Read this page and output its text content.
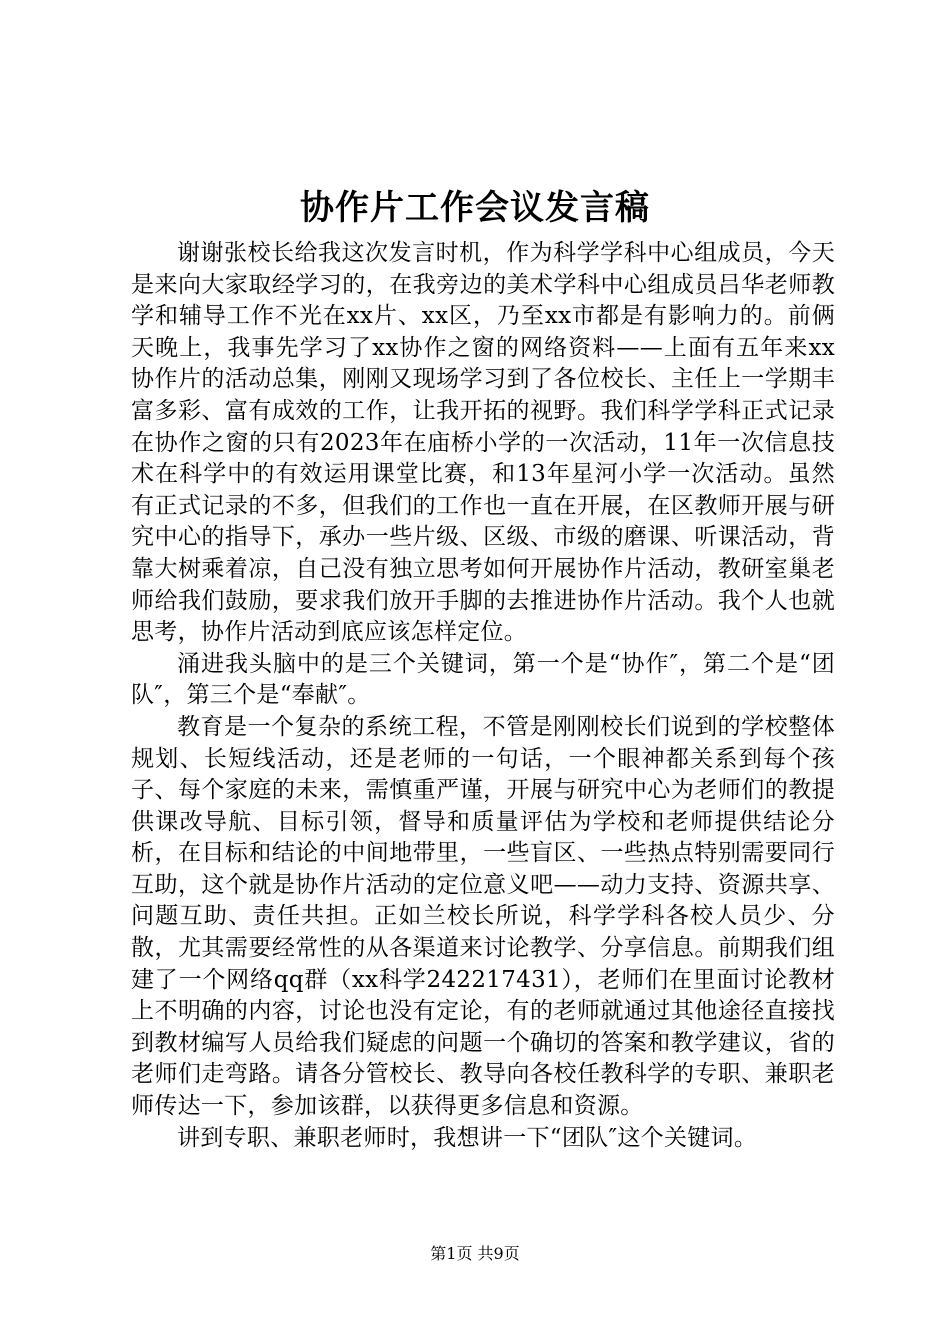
协作片工作会议发言稿

谢谢张校长给我这次发言时机，作为科学学科中心组成员，今天是来向大家取经学习的，在我旁边的美术学科中心组成员吕华老师教学和辅导工作不光在xx片、xx区，乃至xx市都是有影响力的。前俩天晚上，我事先学习了xx协作之窗的网络资料——上面有五年来xx协作片的活动总集，刚刚又现场学习到了各位校长、主任上一学期丰富多彩、富有成效的工作，让我开拓的视野。我们科学学科正式记录在协作之窗的只有2023年在庙桥小学的一次活动，11年一次信息技术在科学中的有效运用课堂比赛，和13年星河小学一次活动。虽然有正式记录的不多，但我们的工作也一直在开展，在区教师开展与研究中心的指导下，承办一些片级、区级、市级的磨课、听课活动，背靠大树乘着凉，自己没有独立思考如何开展协作片活动，教研室巢老师给我们鼓励，要求我们放开手脚的去推进协作片活动。我个人也就思考，协作片活动到底应该怎样定位。

涌进我头脑中的是三个关键词，第一个是“协作″，第二个是“团队″，第三个是“奉献″。

教育是一个复杂的系统工程，不管是刚刚校长们说到的学校整体规划、长短线活动，还是老师的一句话，一个眼神都关系到每个孩子、每个家庭的未来，需慎重严谨，开展与研究中心为老师们的教提供课改导航、目标引领，督导和质量评估为学校和老师提供结论分析，在目标和结论的中间地带里，一些盲区、一些热点特别需要同行互助，这个就是协作片活动的定位意义吧——动力支持、资源共享、问题互助、责任共担。正如兰校长所说，科学学科各校人员少、分散，尤其需要经常性的从各渠道来讨论教学、分享信息。前期我们组建了一个网络qq群（xx科学242217431），老师们在里面讨论教材上不明确的内容，讨论也没有定论，有的老师就通过其他途径直接找到教材编写人员给我们疑虑的问题一个确切的答案和教学建议，省的老师们走弯路。请各分管校长、教导向各校任教科学的专职、兼职老师传达一下，参加该群，以获得更多信息和资源。

讲到专职、兼职老师时，我想讲一下“团队″这个关键词。

第1页 共9页
